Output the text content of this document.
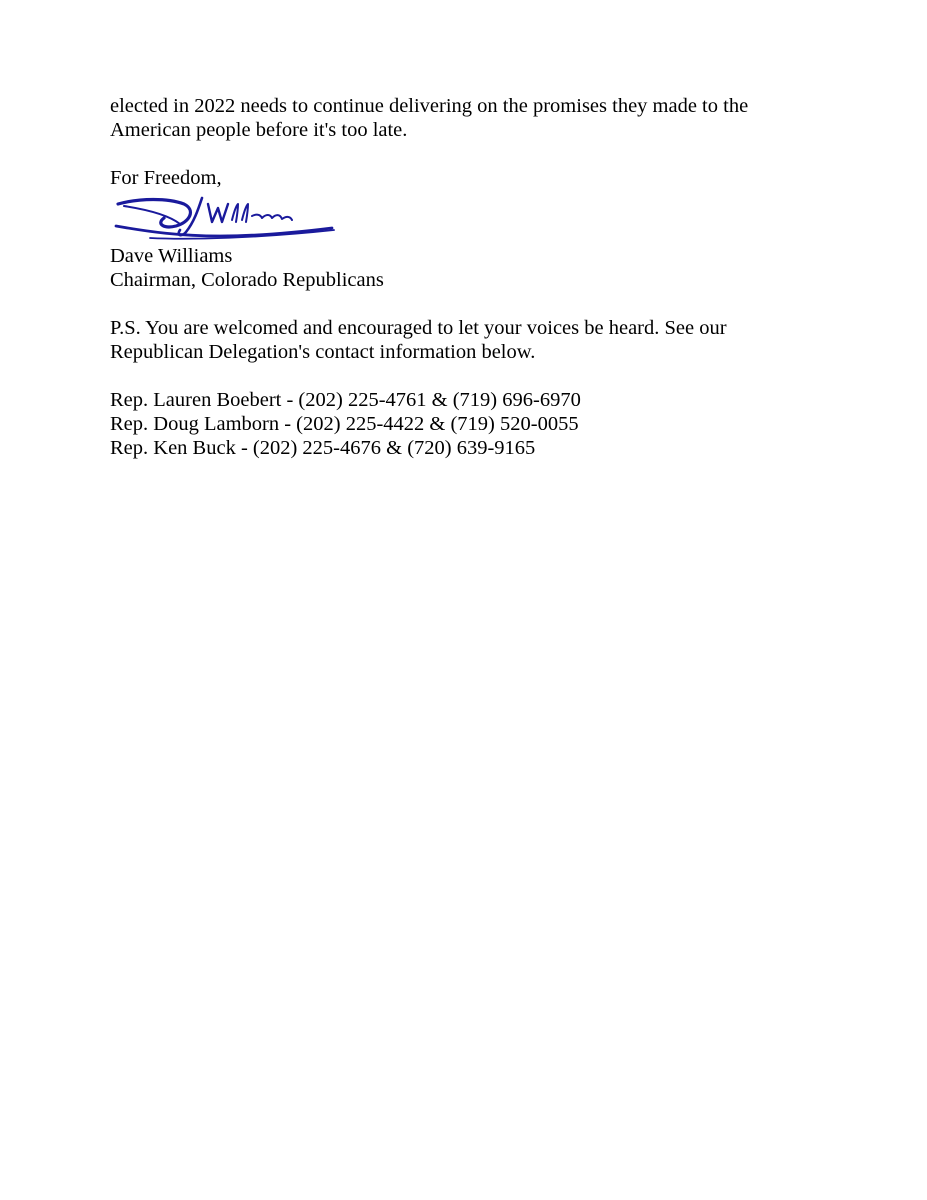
elected in 2022 needs to continue delivering on the promises they made to the
American people before it's too late.

For Freedom,

Dave Williams
Chairman, Colorado Republicans

P.S. You are welcomed and encouraged to let your voices be heard. See our
Republican Delegation's contact information below.

Rep. Lauren Boebert - (202) 225-4761 & (719) 696-6970
Rep. Doug Lamborn - (202) 225-4422 & (719) 520-0055
Rep. Ken Buck - (202) 225-4676 & (720) 639-9165
